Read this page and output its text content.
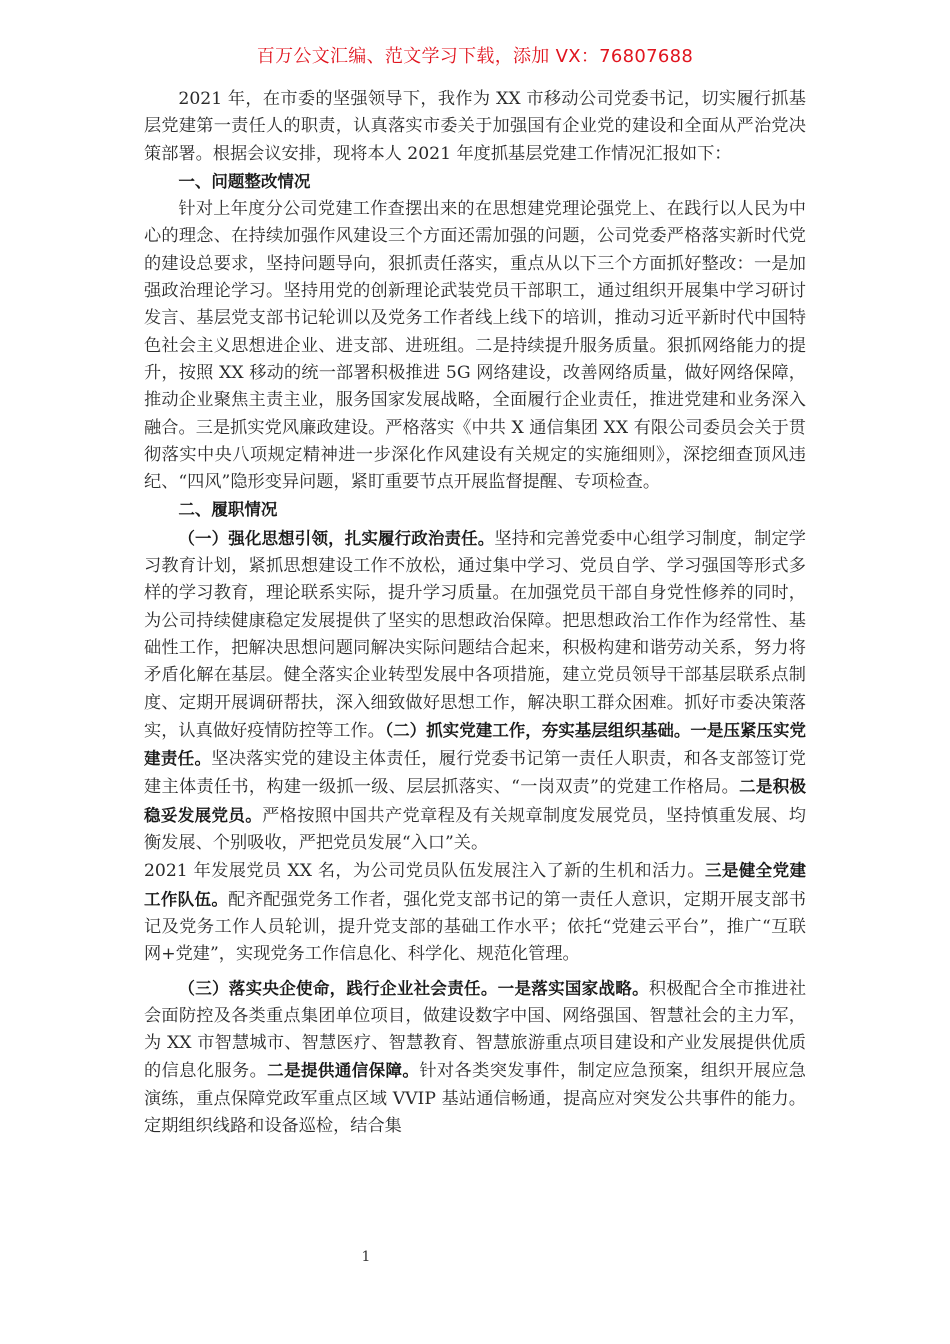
百万公文汇编、范文学习下载，添加 VX：76807688

2021 年，在市委的坚强领导下，我作为 XX 市移动公司党委书记，切实履行抓基层党建第一责任人的职责，认真落实市委关于加强国有企业党的建设和全面从严治党决策部署。根据会议安排，现将本人 2021 年度抓基层党建工作情况汇报如下：

一、问题整改情况

针对上年度分公司党建工作查摆出来的在思想建党理论强党上、在践行以人民为中心的理念、在持续加强作风建设三个方面还需加强的问题，公司党委严格落实新时代党的建设总要求，坚持问题导向，狠抓责任落实，重点从以下三个方面抓好整改：一是加强政治理论学习。坚持用党的创新理论武装党员干部职工，通过组织开展集中学习研讨发言、基层党支部书记轮训以及党务工作者线上线下的培训，推动习近平新时代中国特色社会主义思想进企业、进支部、进班组。二是持续提升服务质量。狠抓网络能力的提升，按照 XX 移动的统一部署积极推进 5G 网络建设，改善网络质量，做好网络保障，推动企业聚焦主责主业，服务国家发展战略，全面履行企业责任，推进党建和业务深入融合。三是抓实党风廉政建设。严格落实《中共 X 通信集团 XX 有限公司委员会关于贯彻落实中央八项规定精神进一步深化作风建设有关规定的实施细则》，深挖细查顶风违纪、“四风”隐形变异问题，紧盯重要节点开展监督提醒、专项检查。

二、履职情况

（一）强化思想引领，扎实履行政治责任。坚持和完善党委中心组学习制度，制定学习教育计划，紧抓思想建设工作不放松，通过集中学习、党员自学、学习强国等形式多样的学习教育，理论联系实际，提升学习质量。在加强党员干部自身党性修养的同时，为公司持续健康稳定发展提供了坚实的思想政治保障。把思想政治工作作为经常性、基础性工作，把解决思想问题同解决实际问题结合起来，积极构建和谐劳动关系，努力将矛盾化解在基层。健全落实企业转型发展中各项措施，建立党员领导干部基层联系点制度、定期开展调研帮扶，深入细致做好思想工作，解决职工群众困难。抓好市委决策落实，认真做好疫情防控等工作。（二）抓实党建工作，夯实基层组织基础。一是压紧压实党建责任。坚决落实党的建设主体责任，履行党委书记第一责任人职责，和各支部签订党建主体责任书，构建一级抓一级、层层抓落实、“一岗双责”的党建工作格局。二是积极稳妥发展党员。严格按照中国共产党章程及有关规章制度发展党员，坚持慎重发展、均衡发展、个别吸收，严把党员发展“入口”关。

2021 年发展党员 XX 名，为公司党员队伍发展注入了新的生机和活力。三是健全党建工作队伍。配齐配强党务工作者，强化党支部书记的第一责任人意识，定期开展支部书记及党务工作人员轮训，提升党支部的基础工作水平；依托“党建云平台”，推广“互联网+党建”，实现党务工作信息化、科学化、规范化管理。

（三）落实央企使命，践行企业社会责任。一是落实国家战略。积极配合全市推进社会面防控及各类重点集团单位项目，做建设数字中国、网络强国、智慧社会的主力军，为 XX 市智慧城市、智慧医疗、智慧教育、智慧旅游重点项目建设和产业发展提供优质的信息化服务。二是提供通信保障。针对各类突发事件，制定应急预案，组织开展应急演练，重点保障党政军重点区域 VVIP 基站通信畅通，提高应对突发公共事件的能力。定期组织线路和设备巡检，结合集

1
